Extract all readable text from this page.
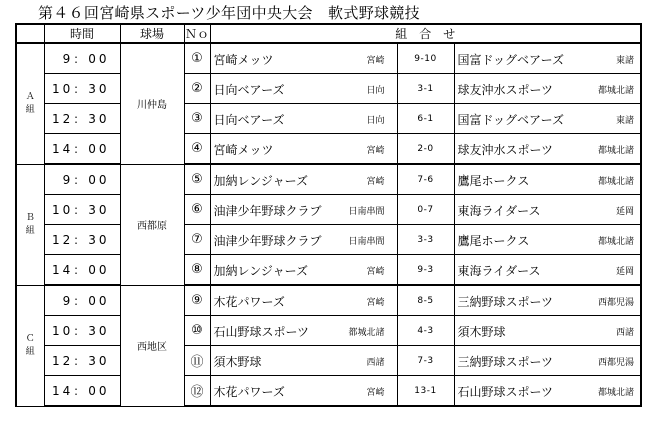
第４６回宮崎県スポーツ少年団中央大会　軟式野球競技
	時間	球場	Ｎｏ	組　合　せ		
Ａ
組	9：00	川仲島	①	宮崎メッツ 宮崎	9-10	国富ドッグベアーズ 東諸

	10：30		②	日向ベアーズ 日向	3-1	球友沖水スポーツ 都城北諸

	12：30		③	日向ベアーズ 日向	6-1	国富ドッグベアーズ 東諸

	14：00		④	宮崎メッツ 宮崎	2-0	球友沖水スポーツ 都城北諸

Ｂ
組	9：00	西都原	⑤	加納レンジャーズ 宮崎	7-6	鷹尾ホークス 都城北諸

	10：30		⑥	油津少年野球クラブ 日南串間	0-7	東海ライダース 延岡

	12：30		⑦	油津少年野球クラブ 日南串間	3-3	鷹尾ホークス 都城北諸

	14：00		⑧	加納レンジャーズ 宮崎	9-3	東海ライダース 延岡

Ｃ
組	9：00	西地区	⑨	木花パワーズ 宮崎	8-5	三納野球スポーツ 西都児湯

	10：30		⑩	石山野球スポーツ 都城北諸	4-3	須木野球 西諸

	12：30		⑪	須木野球 西諸	7-3	三納野球スポーツ 西都児湯

	14：00		⑫	木花パワーズ 宮崎	13-1	石山野球スポーツ 都城北諸
